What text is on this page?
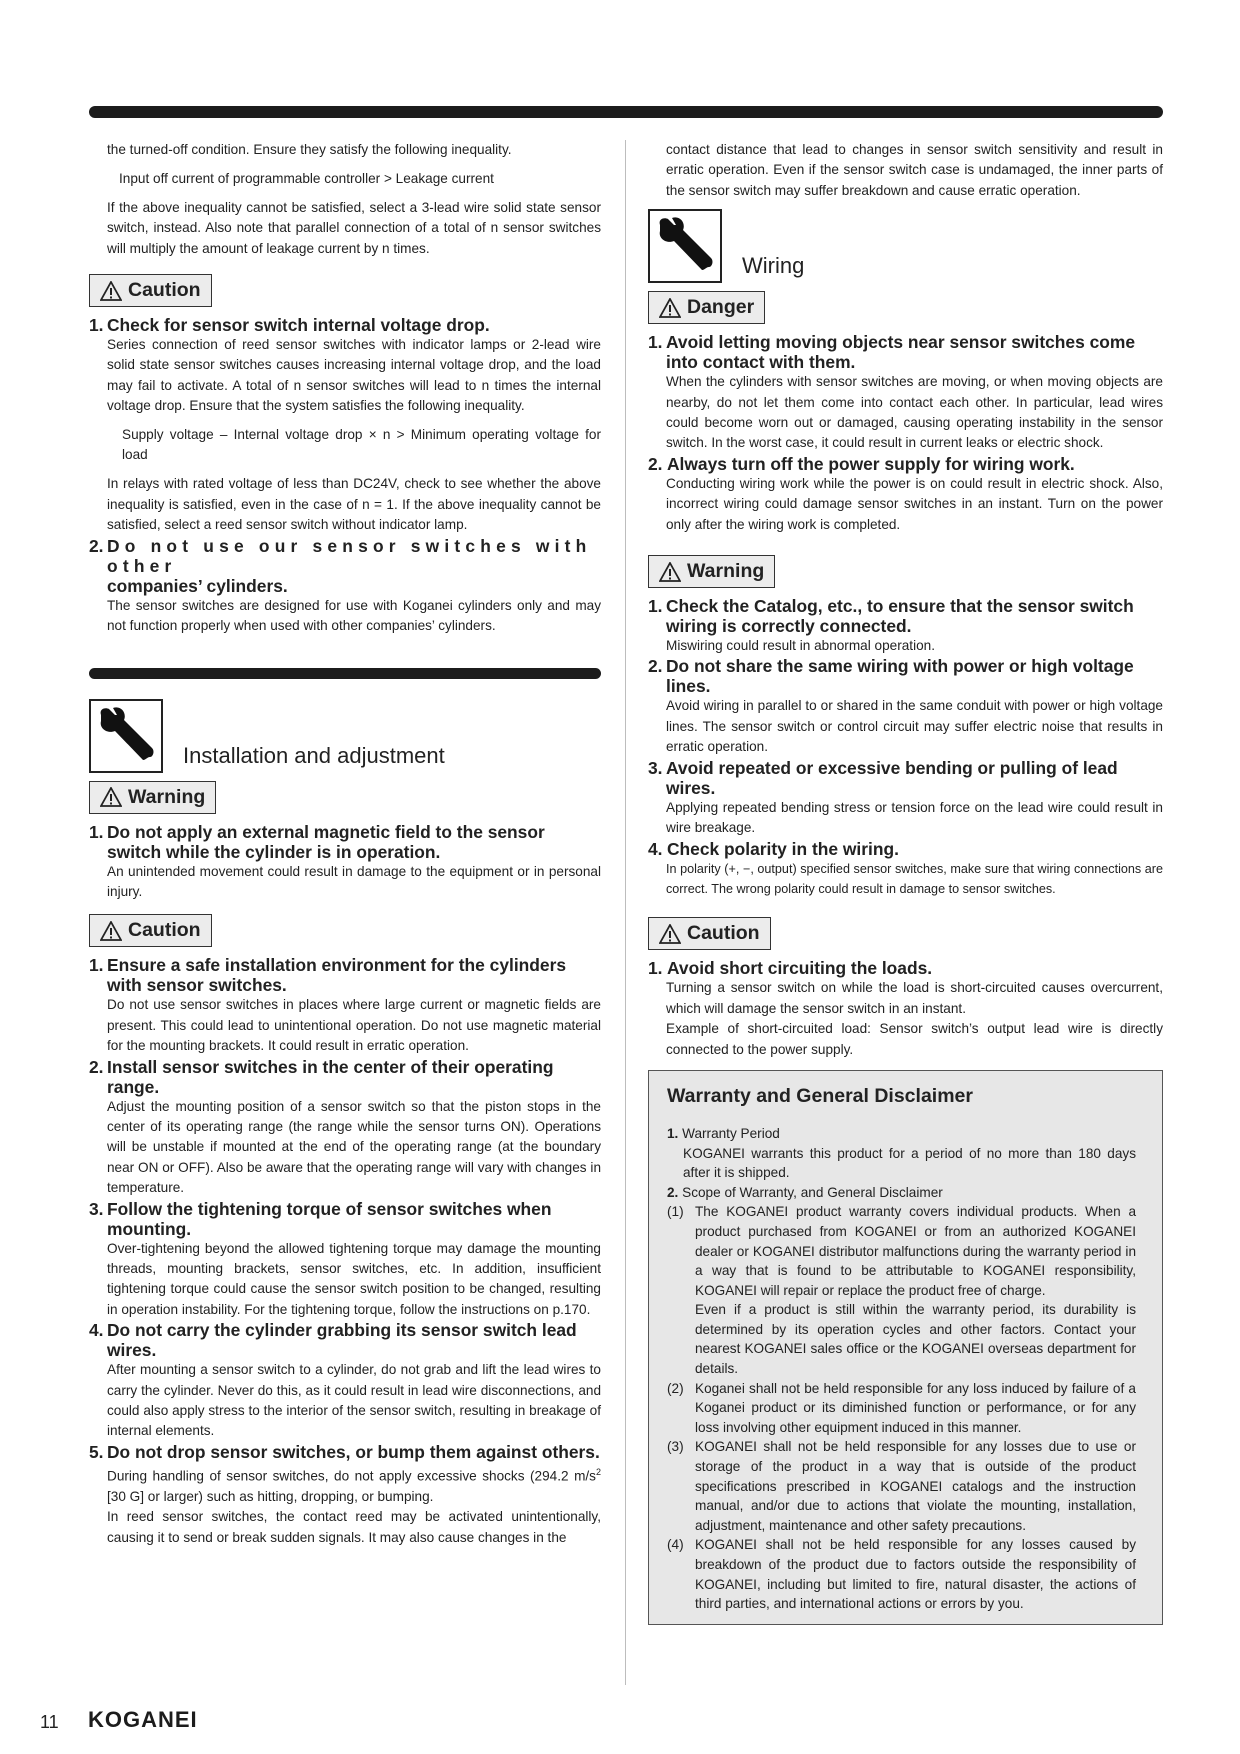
the turned-off condition. Ensure they satisfy the following inequality.

Input off current of programmable controller > Leakage current

If the above inequality cannot be satisfied, select a 3-lead wire solid state sensor switch, instead. Also note that parallel connection of a total of n sensor switches will multiply the amount of leakage current by n times.

Caution
1. Check for sensor switch internal voltage drop.

Series connection of reed sensor switches with indicator lamps or 2-lead wire solid state sensor switches causes increasing internal voltage drop, and the load may fail to activate. A total of n sensor switches will lead to n times the internal voltage drop. Ensure that the system satisfies the following inequality.

Supply voltage – Internal voltage drop × n > Minimum operating voltage for load

In relays with rated voltage of less than DC24V, check to see whether the above inequality is satisfied, even in the case of n = 1. If the above inequality cannot be satisfied, select a reed sensor switch without indicator lamp.

2. Do not use our sensor switches with other
companies’ cylinders.

The sensor switches are designed for use with Koganei cylinders only and may not function properly when used with other companies’ cylinders.

Installation and adjustment
Warning
1. Do not apply an external magnetic field to the sensor switch while the cylinder is in operation.

An unintended movement could result in damage to the equipment or in personal injury.

Caution
1. Ensure a safe installation environment for the cylinders with sensor switches.

Do not use sensor switches in places where large current or magnetic fields are present. This could lead to unintentional operation. Do not use magnetic material for the mounting brackets. It could result in erratic operation.

2. Install sensor switches in the center of their operating range.

Adjust the mounting position of a sensor switch so that the piston stops in the center of its operating range (the range while the sensor turns ON). Operations will be unstable if mounted at the end of the operating range (at the boundary near ON or OFF). Also be aware that the operating range will vary with changes in temperature.

3. Follow the tightening torque of sensor switches when mounting.

Over-tightening beyond the allowed tightening torque may damage the mounting threads, mounting brackets, sensor switches, etc. In addition, insufficient tightening torque could cause the sensor switch position to be changed, resulting in operation instability. For the tightening torque, follow the instructions on p.170.

4. Do not carry the cylinder grabbing its sensor switch lead wires.

After mounting a sensor switch to a cylinder, do not grab and lift the lead wires to carry the cylinder. Never do this, as it could result in lead wire disconnections, and could also apply stress to the interior of the sensor switch, resulting in breakage of internal elements.

5. Do not drop sensor switches, or bump them against others.

During handling of sensor switches, do not apply excessive shocks (294.2 $m/s^2$ [30 G] or larger) such as hitting, dropping, or bumping.

In reed sensor switches, the contact reed may be activated unintentionally, causing it to send or break sudden signals. It may also cause changes in the

contact distance that lead to changes in sensor switch sensitivity and result in erratic operation. Even if the sensor switch case is undamaged, the inner parts of the sensor switch may suffer breakdown and cause erratic operation.

Wiring
Danger
1. Avoid letting moving objects near sensor switches come into contact with them.

When the cylinders with sensor switches are moving, or when moving objects are nearby, do not let them come into contact each other. In particular, lead wires could become worn out or damaged, causing operating instability in the sensor switch. In the worst case, it could result in current leaks or electric shock.

2. Always turn off the power supply for wiring work.

Conducting wiring work while the power is on could result in electric shock. Also, incorrect wiring could damage sensor switches in an instant. Turn on the power only after the wiring work is completed.

Warning
1. Check the Catalog, etc., to ensure that the sensor switch wiring is correctly connected.

Miswiring could result in abnormal operation.

2. Do not share the same wiring with power or high voltage lines.

Avoid wiring in parallel to or shared in the same conduit with power or high voltage lines. The sensor switch or control circuit may suffer electric noise that results in erratic operation.

3. Avoid repeated or excessive bending or pulling of lead wires.

Applying repeated bending stress or tension force on the lead wire could result in wire breakage.

4. Check polarity in the wiring.

In polarity (+, −, output) specified sensor switches, make sure that wiring connections are correct. The wrong polarity could result in damage to sensor switches.

Caution
1. Avoid short circuiting the loads.

Turning a sensor switch on while the load is short-circuited causes overcurrent, which will damage the sensor switch in an instant.

Example of short-circuited load: Sensor switch’s output lead wire is directly connected to the power supply.

Warranty and General Disclaimer

1. Warranty Period

KOGANEI warrants this product for a period of no more than 180 days after it is shipped.

2. Scope of Warranty, and General Disclaimer

(1) The KOGANEI product warranty covers individual products. When a product purchased from KOGANEI or from an authorized KOGANEI dealer or KOGANEI distributor malfunctions during the warranty period in a way that is found to be attributable to KOGANEI responsibility, KOGANEI will repair or replace the product free of charge.
Even if a product is still within the warranty period, its durability is determined by its operation cycles and other factors. Contact your nearest KOGANEI sales office or the KOGANEI overseas department for details.
(2) Koganei shall not be held responsible for any loss induced by failure of a Koganei product or its diminished function or performance, or for any loss involving other equipment induced in this manner.
(3) KOGANEI shall not be held responsible for any losses due to use or storage of the product in a way that is outside of the product specifications prescribed in KOGANEI catalogs and the instruction manual, and/or due to actions that violate the mounting, installation, adjustment, maintenance and other safety precautions.
(4) KOGANEI shall not be held responsible for any losses caused by breakdown of the product due to factors outside the responsibility of KOGANEI, including but limited to fire, natural disaster, the actions of third parties, and international actions or errors by you.
11 KOGANEI
